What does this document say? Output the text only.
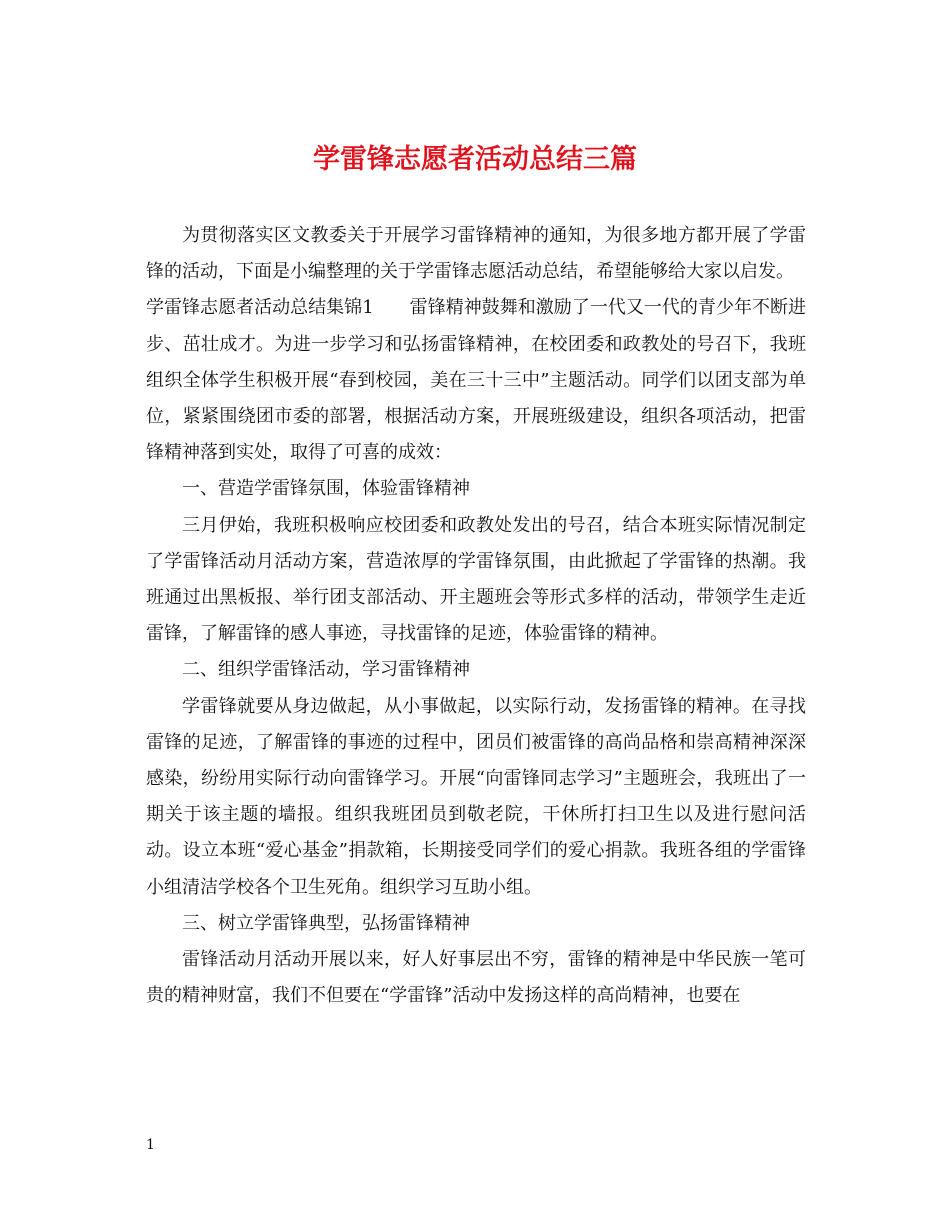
学雷锋志愿者活动总结三篇

为贯彻落实区文教委关于开展学习雷锋精神的通知，为很多地方都开展了学雷锋的活动，下面是小编整理的关于学雷锋志愿活动总结，希望能够给大家以启发。

学雷锋志愿者活动总结集锦1 雷锋精神鼓舞和激励了一代又一代的青少年不断进步、茁壮成才。为进一步学习和弘扬雷锋精神，在校团委和政教处的号召下，我班组织全体学生积极开展“春到校园，美在三十三中”主题活动。同学们以团支部为单位，紧紧围绕团市委的部署，根据活动方案，开展班级建设，组织各项活动，把雷锋精神落到实处，取得了可喜的成效：

一、营造学雷锋氛围，体验雷锋精神

三月伊始，我班积极响应校团委和政教处发出的号召，结合本班实际情况制定了学雷锋活动月活动方案，营造浓厚的学雷锋氛围，由此掀起了学雷锋的热潮。我班通过出黑板报、举行团支部活动、开主题班会等形式多样的活动，带领学生走近雷锋，了解雷锋的感人事迹，寻找雷锋的足迹，体验雷锋的精神。

二、组织学雷锋活动，学习雷锋精神

学雷锋就要从身边做起，从小事做起，以实际行动，发扬雷锋的精神。在寻找雷锋的足迹，了解雷锋的事迹的过程中，团员们被雷锋的高尚品格和崇高精神深深感染，纷纷用实际行动向雷锋学习。开展“向雷锋同志学习”主题班会，我班出了一期关于该主题的墙报。组织我班团员到敬老院，干休所打扫卫生以及进行慰问活动。设立本班“爱心基金”捐款箱，长期接受同学们的爱心捐款。我班各组的学雷锋小组清洁学校各个卫生死角。组织学习互助小组。

三、树立学雷锋典型，弘扬雷锋精神

雷锋活动月活动开展以来，好人好事层出不穷，雷锋的精神是中华民族一笔可贵的精神财富，我们不但要在“学雷锋”活动中发扬这样的高尚精神，也要在

1
